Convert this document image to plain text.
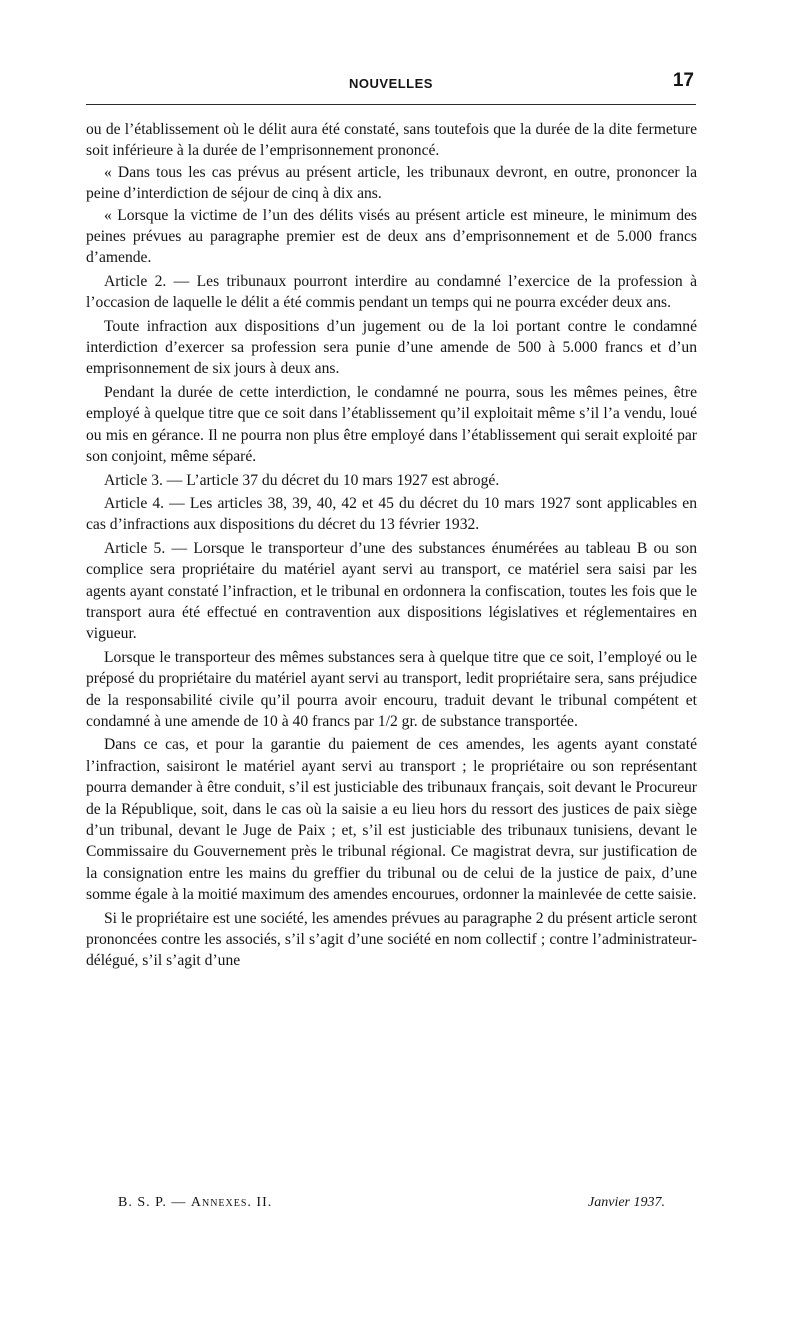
NOUVELLES	17

ou de l’établissement où le délit aura été constaté, sans toutefois que la durée de la dite fermeture soit inférieure à la durée de l’emprisonnement prononcé.

« Dans tous les cas prévus au présent article, les tribunaux devront, en outre, prononcer la peine d’interdiction de séjour de cinq à dix ans.

« Lorsque la victime de l’un des délits visés au présent article est mineure, le minimum des peines prévues au paragraphe premier est de deux ans d’emprisonnement et de 5.000 francs d’amende.

Article 2. — Les tribunaux pourront interdire au condamné l’exercice de la profession à l’occasion de laquelle le délit a été commis pendant un temps qui ne pourra excéder deux ans.

Toute infraction aux dispositions d’un jugement ou de la loi portant contre le condamné interdiction d’exercer sa profession sera punie d’une amende de 500 à 5.000 francs et d’un emprisonnement de six jours à deux ans.

Pendant la durée de cette interdiction, le condamné ne pourra, sous les mêmes peines, être employé à quelque titre que ce soit dans l’établissement qu’il exploitait même s’il l’a vendu, loué ou mis en gérance. Il ne pourra non plus être employé dans l’établissement qui serait exploité par son conjoint, même séparé.

Article 3. — L’article 37 du décret du 10 mars 1927 est abrogé.

Article 4. — Les articles 38, 39, 40, 42 et 45 du décret du 10 mars 1927 sont applicables en cas d’infractions aux dispositions du décret du 13 février 1932.

Article 5. — Lorsque le transporteur d’une des substances énumérées au tableau B ou son complice sera propriétaire du matériel ayant servi au transport, ce matériel sera saisi par les agents ayant constaté l’infraction, et le tribunal en ordonnera la confiscation, toutes les fois que le transport aura été effectué en contravention aux dispositions législatives et réglementaires en vigueur.

Lorsque le transporteur des mêmes substances sera à quelque titre que ce soit, l’employé ou le préposé du propriétaire du matériel ayant servi au transport, ledit propriétaire sera, sans préjudice de la responsabilité civile qu’il pourra avoir encouru, traduit devant le tribunal compétent et condamné à une amende de 10 à 40 francs par 1/2 gr. de substance transportée.

Dans ce cas, et pour la garantie du paiement de ces amendes, les agents ayant constaté l’infraction, saisiront le matériel ayant servi au transport ; le propriétaire ou son représentant pourra demander à être conduit, s’il est justiciable des tribunaux français, soit devant le Procureur de la République, soit, dans le cas où la saisie a eu lieu hors du ressort des justices de paix siège d’un tribunal, devant le Juge de Paix ; et, s’il est justiciable des tribunaux tunisiens, devant le Commissaire du Gouvernement près le tribunal régional. Ce magistrat devra, sur justification de la consignation entre les mains du greffier du tribunal ou de celui de la justice de paix, d’une somme égale à la moitié maximum des amendes encourues, ordonner la mainlevée de cette saisie.

Si le propriétaire est une société, les amendes prévues au paragraphe 2 du présent article seront prononcées contre les associés, s’il s’agit d’une société en nom collectif ; contre l’administrateur-délégué, s’il s’agit d’une

B. S. P. — Annexes. II.	Janvier 1937.
